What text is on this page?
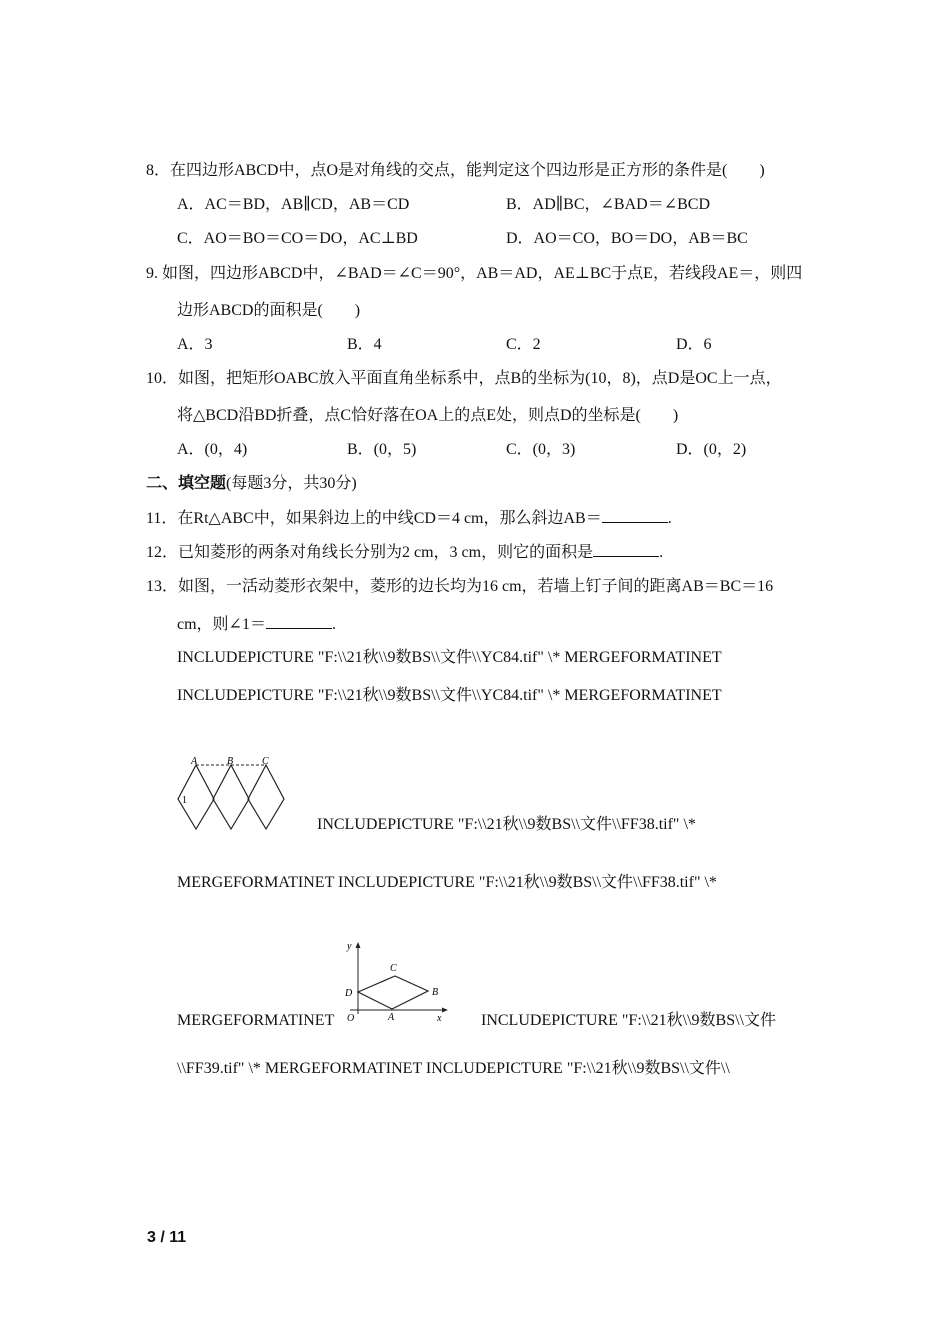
8．在四边形ABCD中，点O是对角线的交点，能判定这个四边形是正方形的条件是(　　)
A．AC＝BD，AB∥CD，AB＝CD	B．AD∥BC，∠BAD＝∠BCD
C．AO＝BO＝CO＝DO，AC⊥BD	D．AO＝CO，BO＝DO，AB＝BC
9. 如图，四边形ABCD中，∠BAD＝∠C＝90°，AB＝AD，AE⊥BC于点E，若线段AE＝，则四
边形ABCD的面积是(　　)
A．3	B．4	C．2	D．6
10．如图，把矩形OABC放入平面直角坐标系中，点B的坐标为(10，8)，点D是OC上一点，
将△BCD沿BD折叠，点C恰好落在OA上的点E处，则点D的坐标是(　　)
A．(0，4)	B．(0，5)	C．(0，3)	D．(0，2)
二、填空题(每题3分，共30分)
11．在Rt△ABC中，如果斜边上的中线CD＝4 cm，那么斜边AB＝	.
12．已知菱形的两条对角线长分别为2 cm，3 cm，则它的面积是	.
13．如图，一活动菱形衣架中，菱形的边长均为16 cm，若墙上钉子间的距离AB＝BC＝16
cm，则∠1＝	.
INCLUDEPICTURE "F:\\21秋\\9数BS\\文件\\YC84.tif" \* MERGEFORMATINET
INCLUDEPICTURE "F:\\21秋\\9数BS\\文件\\YC84.tif" \* MERGEFORMATINET
A	B	C
1
INCLUDEPICTURE "F:\\21秋\\9数BS\\文件\\FF38.tif" \*
MERGEFORMATINET INCLUDEPICTURE "F:\\21秋\\9数BS\\文件\\FF38.tif" \*
y
C
D	B
O	A	x
MERGEFORMATINET	INCLUDEPICTURE "F:\\21秋\\9数BS\\文件
\\FF39.tif" \* MERGEFORMATINET INCLUDEPICTURE "F:\\21秋\\9数BS\\文件\\
3 / 11
